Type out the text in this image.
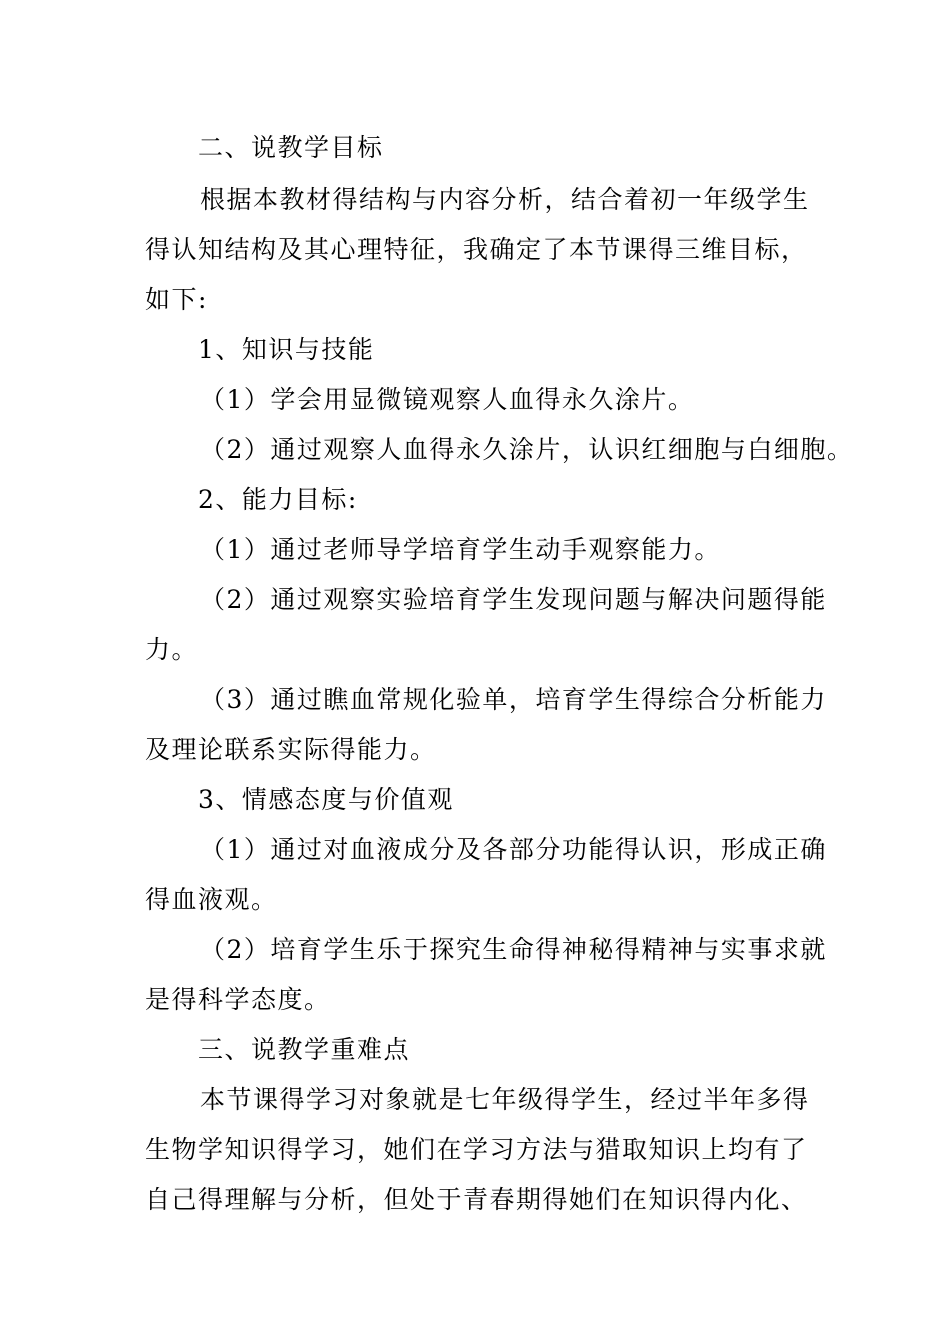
二、说教学目标
根据本教材得结构与内容分析，结合着初一年级学生
得认知结构及其心理特征，我确定了本节课得三维目标，
如下:
1、知识与技能
（1）学会用显微镜观察人血得永久涂片。
（2）通过观察人血得永久涂片，认识红细胞与白细胞。
2、能力目标:
（1）通过老师导学培育学生动手观察能力。
（2）通过观察实验培育学生发现问题与解决问题得能
力。
（3）通过瞧血常规化验单，培育学生得综合分析能力
及理论联系实际得能力。
3、情感态度与价值观
（1）通过对血液成分及各部分功能得认识，形成正确
得血液观。
（2）培育学生乐于探究生命得神秘得精神与实事求就
是得科学态度。
三、说教学重难点
本节课得学习对象就是七年级得学生，经过半年多得
生物学知识得学习，她们在学习方法与猎取知识上均有了
自己得理解与分析，但处于青春期得她们在知识得内化、
